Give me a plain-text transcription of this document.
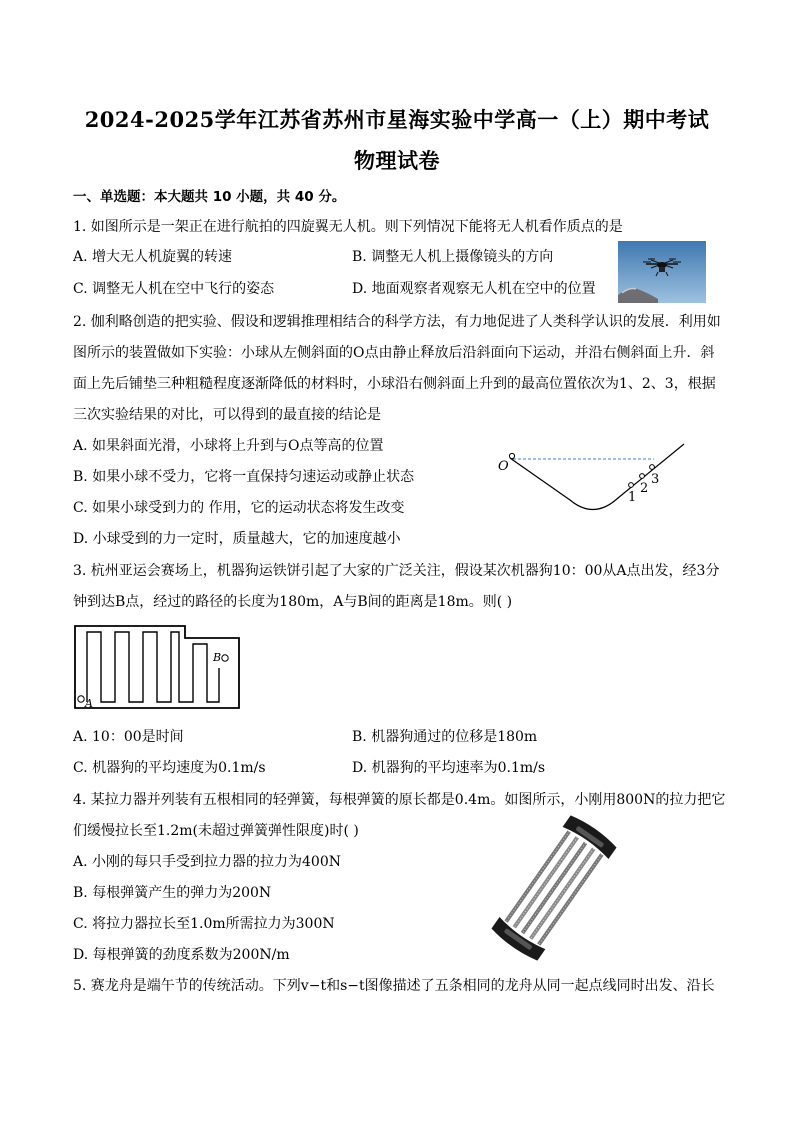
2024-2025学年江苏省苏州市星海实验中学高一（上）期中考试
物理试卷
一、单选题：本大题共 10 小题，共 40 分。
1. 如图所示是一架正在进行航拍的四旋翼无人机。则下列情况下能将无人机看作质点的是
A. 增大无人机旋翼的转速	B. 调整无人机上摄像镜头的方向
C. 调整无人机在空中飞行的姿态	D. 地面观察者观察无人机在空中的位置
2. 伽利略创造的把实验、假设和逻辑推理相结合的科学方法，有力地促进了人类科学认识的发展．利用如
图所示的装置做如下实验：小球从左侧斜面的O点由静止释放后沿斜面向下运动，并沿右侧斜面上升．斜
面上先后铺垫三种粗糙程度逐渐降低的材料时，小球沿右侧斜面上升到的最高位置依次为1、2、3，根据
三次实验结果的对比，可以得到的最直接的结论是
A. 如果斜面光滑，小球将上升到与O点等高的位置
B. 如果小球不受力，它将一直保持匀速运动或静止状态
C. 如果小球受到力的 作用，它的运动状态将发生改变
D. 小球受到的力一定时，质量越大，它的加速度越小
O
1
2
3
3. 杭州亚运会赛场上，机器狗运铁饼引起了大家的广泛关注，假设某次机器狗10：00从A点出发，经3分
钟到达B点，经过的路径的长度为180m，A与B间的距离是18m。则( )
A
B
A. 10：00是时间	B. 机器狗通过的位移是180m
C. 机器狗的平均速度为0.1m/s	D. 机器狗的平均速率为0.1m/s
4. 某拉力器并列装有五根相同的轻弹簧，每根弹簧的原长都是0.4m。如图所示，小刚用800N的拉力把它
们缓慢拉长至1.2m(未超过弹簧弹性限度)时( )
A. 小刚的每只手受到拉力器的拉力为400N
B. 每根弹簧产生的弹力为200N
C. 将拉力器拉长至1.0m所需拉力为300N
D. 每根弹簧的劲度系数为200N/m
5. 赛龙舟是端午节的传统活动。下列v−t和s−t图像描述了五条相同的龙舟从同一起点线同时出发、沿长
